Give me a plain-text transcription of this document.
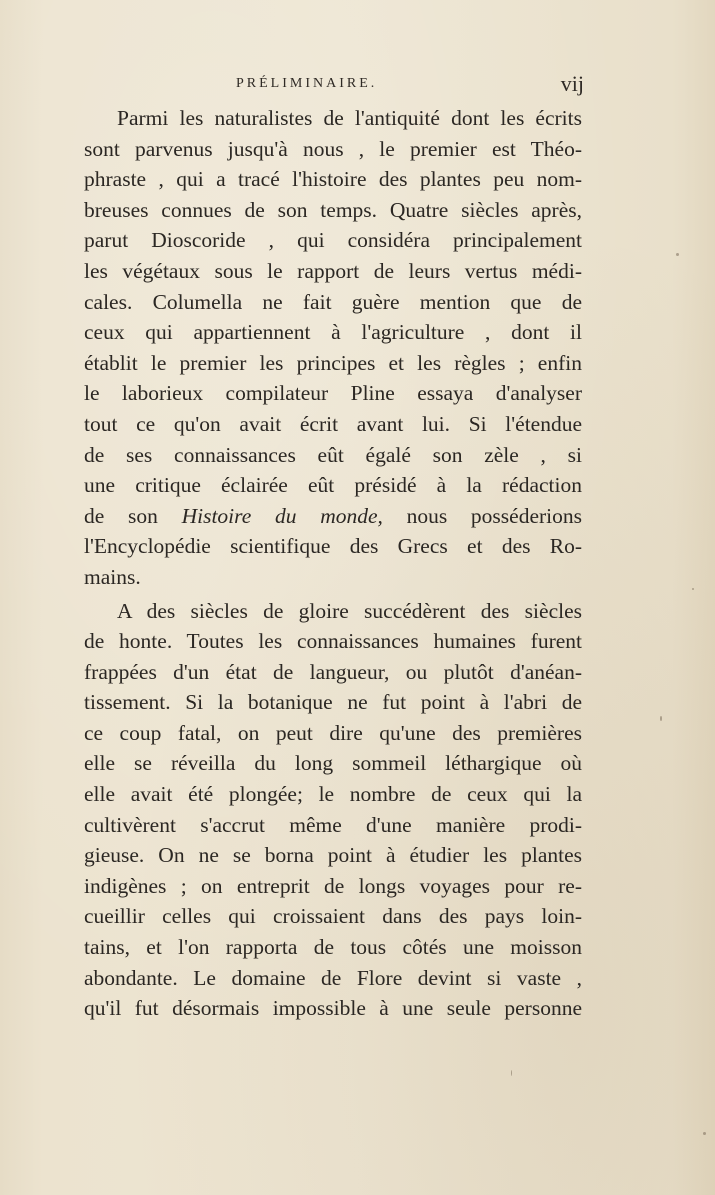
PRÉLIMINAIRE.	vij
Parmi les naturalistes de l'antiquité dont les écrits
sont parvenus jusqu'à nous , le premier est Théo-
phraste , qui a tracé l'histoire des plantes peu nom-
breuses connues de son temps. Quatre siècles après,
parut Dioscoride , qui considéra principalement
les végétaux sous le rapport de leurs vertus médi-
cales. Columella ne fait guère mention que de
ceux qui appartiennent à l'agriculture , dont il
établit le premier les principes et les règles ; enfin
le laborieux compilateur Pline essaya d'analyser
tout ce qu'on avait écrit avant lui. Si l'étendue
de ses connaissances eût égalé son zèle , si
une critique éclairée eût présidé à la rédaction
de son Histoire du monde, nous posséderions
l'Encyclopédie scientifique des Grecs et des Ro-
mains.
A des siècles de gloire succédèrent des siècles
de honte. Toutes les connaissances humaines furent
frappées d'un état de langueur, ou plutôt d'anéan-
tissement. Si la botanique ne fut point à l'abri de
ce coup fatal, on peut dire qu'une des premières
elle se réveilla du long sommeil léthargique où
elle avait été plongée; le nombre de ceux qui la
cultivèrent s'accrut même d'une manière prodi-
gieuse. On ne se borna point à étudier les plantes
indigènes ; on entreprit de longs voyages pour re-
cueillir celles qui croissaient dans des pays loin-
tains, et l'on rapporta de tous côtés une moisson
abondante. Le domaine de Flore devint si vaste ,
qu'il fut désormais impossible à une seule personne
